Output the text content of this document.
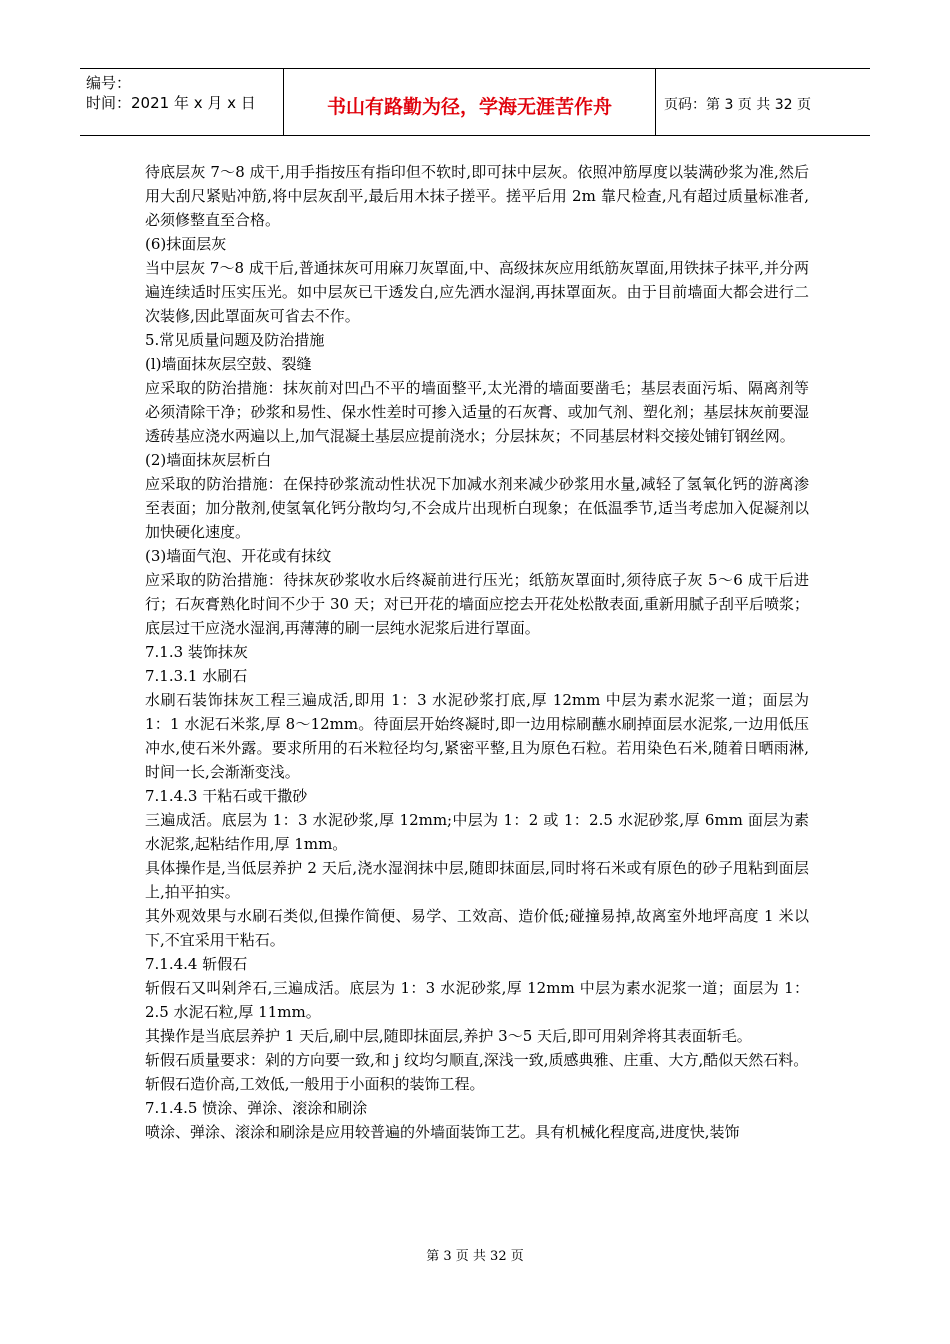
编号：
时间：2021 年 x 月 x 日	书山有路勤为径，学海无涯苦作舟	页码：第 3 页 共 32 页

待底层灰 7～8 成干,用手指按压有指印但不软时,即可抹中层灰。依照冲筋厚度以装满砂浆为准,然后用大刮尺紧贴冲筋,将中层灰刮平,最后用木抹子搓平。搓平后用 2m 靠尺检查,凡有超过质量标准者,必须修整直至合格。

(6)抹面层灰

当中层灰 7～8 成干后,普通抹灰可用麻刀灰罩面,中、高级抹灰应用纸筋灰罩面,用铁抹子抹平,并分两遍连续适时压实压光。如中层灰已干透发白,应先洒水湿润,再抹罩面灰。由于目前墙面大都会进行二次装修,因此罩面灰可省去不作。

5.常见质量问题及防治措施

(l)墙面抹灰层空鼓、裂缝

应采取的防治措施：抹灰前对凹凸不平的墙面整平,太光滑的墙面要凿毛；基层表面污垢、隔离剂等必须清除干净；砂浆和易性、保水性差时可掺入适量的石灰膏、或加气剂、塑化剂；基层抹灰前要湿透砖基应浇水两遍以上,加气混凝土基层应提前浇水；分层抹灰；不同基层材料交接处铺钉钢丝网。

(2)墙面抹灰层析白

应采取的防治措施：在保持砂浆流动性状况下加减水剂来减少砂浆用水量,减轻了氢氧化钙的游离渗至表面；加分散剂,使氢氧化钙分散均匀,不会成片出现析白现象；在低温季节,适当考虑加入促凝剂以加快硬化速度。

(3)墙面气泡、开花或有抹纹

应采取的防治措施：待抹灰砂浆收水后终凝前进行压光；纸筋灰罩面时,须待底子灰 5～6 成干后进行；石灰膏熟化时间不少于 30 天；对已开花的墙面应挖去开花处松散表面,重新用腻子刮平后喷浆；底层过干应浇水湿润,再薄薄的刷一层纯水泥浆后进行罩面。

7.1.3 装饰抹灰

7.1.3.1 水刷石

水刷石装饰抹灰工程三遍成活,即用 1：3 水泥砂浆打底,厚 12mm 中层为素水泥浆一道；面层为 1：1 水泥石米浆,厚 8～12mm。待面层开始终凝时,即一边用棕刷蘸水刷掉面层水泥浆,一边用低压冲水,使石米外露。要求所用的石米粒径均匀,紧密平整,且为原色石粒。若用染色石米,随着日晒雨淋,时间一长,会渐渐变浅。

7.1.4.3 干粘石或干撒砂

三遍成活。底层为 1：3 水泥砂浆,厚 12mm;中层为 1：2 或 1：2.5 水泥砂浆,厚 6mm 面层为素水泥浆,起粘结作用,厚 1mm。

具体操作是,当低层养护 2 天后,浇水湿润抹中层,随即抹面层,同时将石米或有原色的砂子甩粘到面层上,拍平拍实。

其外观效果与水刷石类似,但操作简便、易学、工效高、造价低;碰撞易掉,故离室外地坪高度 1 米以下,不宜采用干粘石。

7.1.4.4 斩假石

斩假石又叫剁斧石,三遍成活。底层为 1：3 水泥砂浆,厚 12mm 中层为素水泥浆一道；面层为 1：2.5 水泥石粒,厚 11mm。

其操作是当底层养护 1 天后,刷中层,随即抹面层,养护 3～5 天后,即可用剁斧将其表面斩毛。

斩假石质量要求：剁的方向要一致,和 j 纹均匀顺直,深浅一致,质感典雅、庄重、大方,酷似天然石料。

斩假石造价高,工效低,一般用于小面积的装饰工程。

7.1.4.5 愤涂、弹涂、滚涂和刷涂

喷涂、弹涂、滚涂和刷涂是应用较普遍的外墙面装饰工艺。具有机械化程度高,进度快,装饰

第 3 页 共 32 页
